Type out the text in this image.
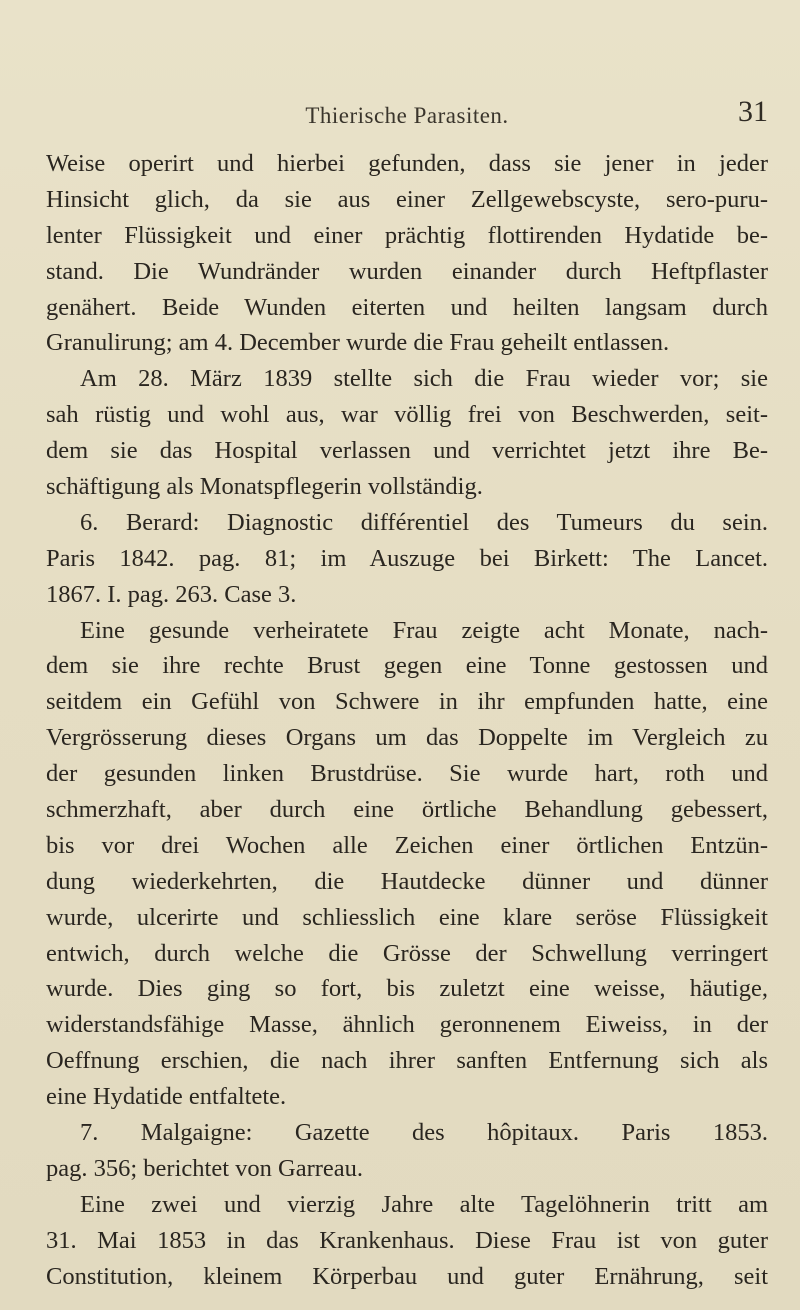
Thierische Parasiten.	31
Weise operirt und hierbei gefunden, dass sie jener in jeder
Hinsicht glich, da sie aus einer Zellgewebscyste, sero-puru-
lenter Flüssigkeit und einer prächtig flottirenden Hydatide be-
stand. Die Wundränder wurden einander durch Heftpflaster
genähert. Beide Wunden eiterten und heilten langsam durch
Granulirung; am 4. December wurde die Frau geheilt entlassen.
Am 28. März 1839 stellte sich die Frau wieder vor; sie
sah rüstig und wohl aus, war völlig frei von Beschwerden, seit-
dem sie das Hospital verlassen und verrichtet jetzt ihre Be-
schäftigung als Monatspflegerin vollständig.
6. Berard: Diagnostic différentiel des Tumeurs du sein.
Paris 1842. pag. 81; im Auszuge bei Birkett: The Lancet.
1867. I. pag. 263. Case 3.
Eine gesunde verheiratete Frau zeigte acht Monate, nach-
dem sie ihre rechte Brust gegen eine Tonne gestossen und
seitdem ein Gefühl von Schwere in ihr empfunden hatte, eine
Vergrösserung dieses Organs um das Doppelte im Vergleich zu
der gesunden linken Brustdrüse. Sie wurde hart, roth und
schmerzhaft, aber durch eine örtliche Behandlung gebessert,
bis vor drei Wochen alle Zeichen einer örtlichen Entzün-
dung wiederkehrten, die Hautdecke dünner und dünner
wurde, ulcerirte und schliesslich eine klare seröse Flüssigkeit
entwich, durch welche die Grösse der Schwellung verringert
wurde. Dies ging so fort, bis zuletzt eine weisse, häutige,
widerstandsfähige Masse, ähnlich geronnenem Eiweiss, in der
Oeffnung erschien, die nach ihrer sanften Entfernung sich als
eine Hydatide entfaltete.
7. Malgaigne: Gazette des hôpitaux. Paris 1853.
pag. 356; berichtet von Garreau.
Eine zwei und vierzig Jahre alte Tagelöhnerin tritt am
31. Mai 1853 in das Krankenhaus. Diese Frau ist von guter
Constitution, kleinem Körperbau und guter Ernährung, seit
